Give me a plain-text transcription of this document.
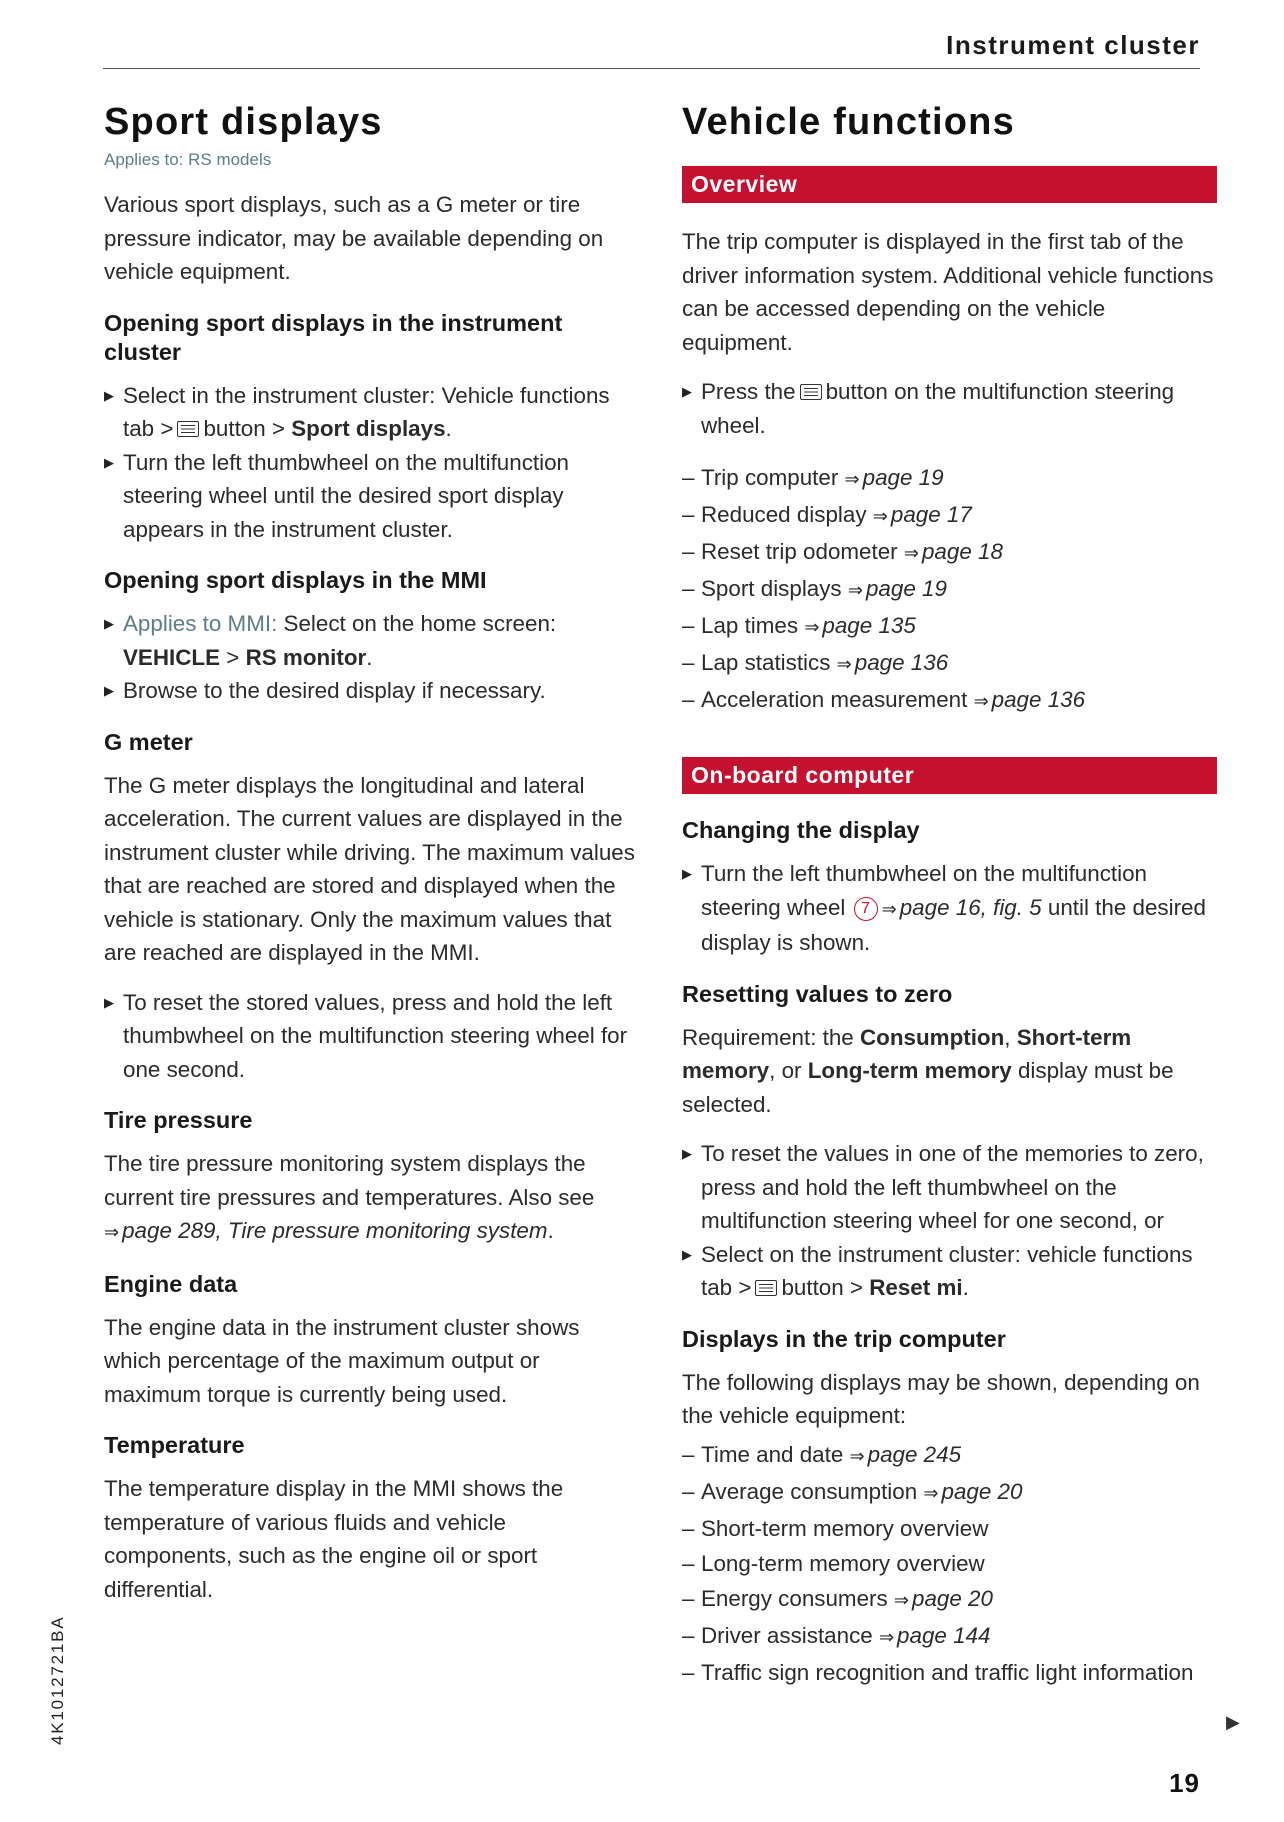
Instrument cluster
Sport displays
Applies to: RS models

Various sport displays, such as a G meter or tire pressure indicator, may be available depending on vehicle equipment.

Opening sport displays in the instrument cluster
▶ Select in the instrument cluster: Vehicle functions tab > button > Sport displays.
▶ Turn the left thumbwheel on the multifunction steering wheel until the desired sport display appears in the instrument cluster.
Opening sport displays in the MMI
▶ Applies to MMI: Select on the home screen: VEHICLE > RS monitor.
▶ Browse to the desired display if necessary.
G meter

The G meter displays the longitudinal and lateral acceleration. The current values are displayed in the instrument cluster while driving. The maximum values that are reached are stored and displayed when the vehicle is stationary. Only the maximum values that are reached are displayed in the MMI.

▶ To reset the stored values, press and hold the left thumbwheel on the multifunction steering wheel for one second.
Tire pressure

The tire pressure monitoring system displays the current tire pressures and temperatures. Also see ⇒ page 289, Tire pressure monitoring system.

Engine data

The engine data in the instrument cluster shows which percentage of the maximum output or maximum torque is currently being used.

Temperature

The temperature display in the MMI shows the temperature of various fluids and vehicle components, such as the engine oil or sport differential.

Vehicle functions
Overview

The trip computer is displayed in the first tab of the driver information system. Additional vehicle functions can be accessed depending on the vehicle equipment.

▶ Press the button on the multifunction steering wheel.
– Trip computer ⇒ page 19
– Reduced display ⇒ page 17
– Reset trip odometer ⇒ page 18
– Sport displays ⇒ page 19
– Lap times ⇒ page 135
– Lap statistics ⇒ page 136
– Acceleration measurement ⇒ page 136
On-board computer
Changing the display
▶ Turn the left thumbwheel on the multifunction steering wheel 7 ⇒ page 16, fig. 5 until the desired display is shown.
Resetting values to zero

Requirement: the Consumption, Short-term memory, or Long-term memory display must be selected.

▶ To reset the values in one of the memories to zero, press and hold the left thumbwheel on the multifunction steering wheel for one second, or
▶ Select on the instrument cluster: vehicle functions tab > button > Reset mi.
Displays in the trip computer

The following displays may be shown, depending on the vehicle equipment:

– Time and date ⇒ page 245
– Average consumption ⇒ page 20
– Short-term memory overview
– Long-term memory overview
– Energy consumers ⇒ page 20
– Driver assistance ⇒ page 144
– Traffic sign recognition and traffic light information
4K1012721BA	▶
19
